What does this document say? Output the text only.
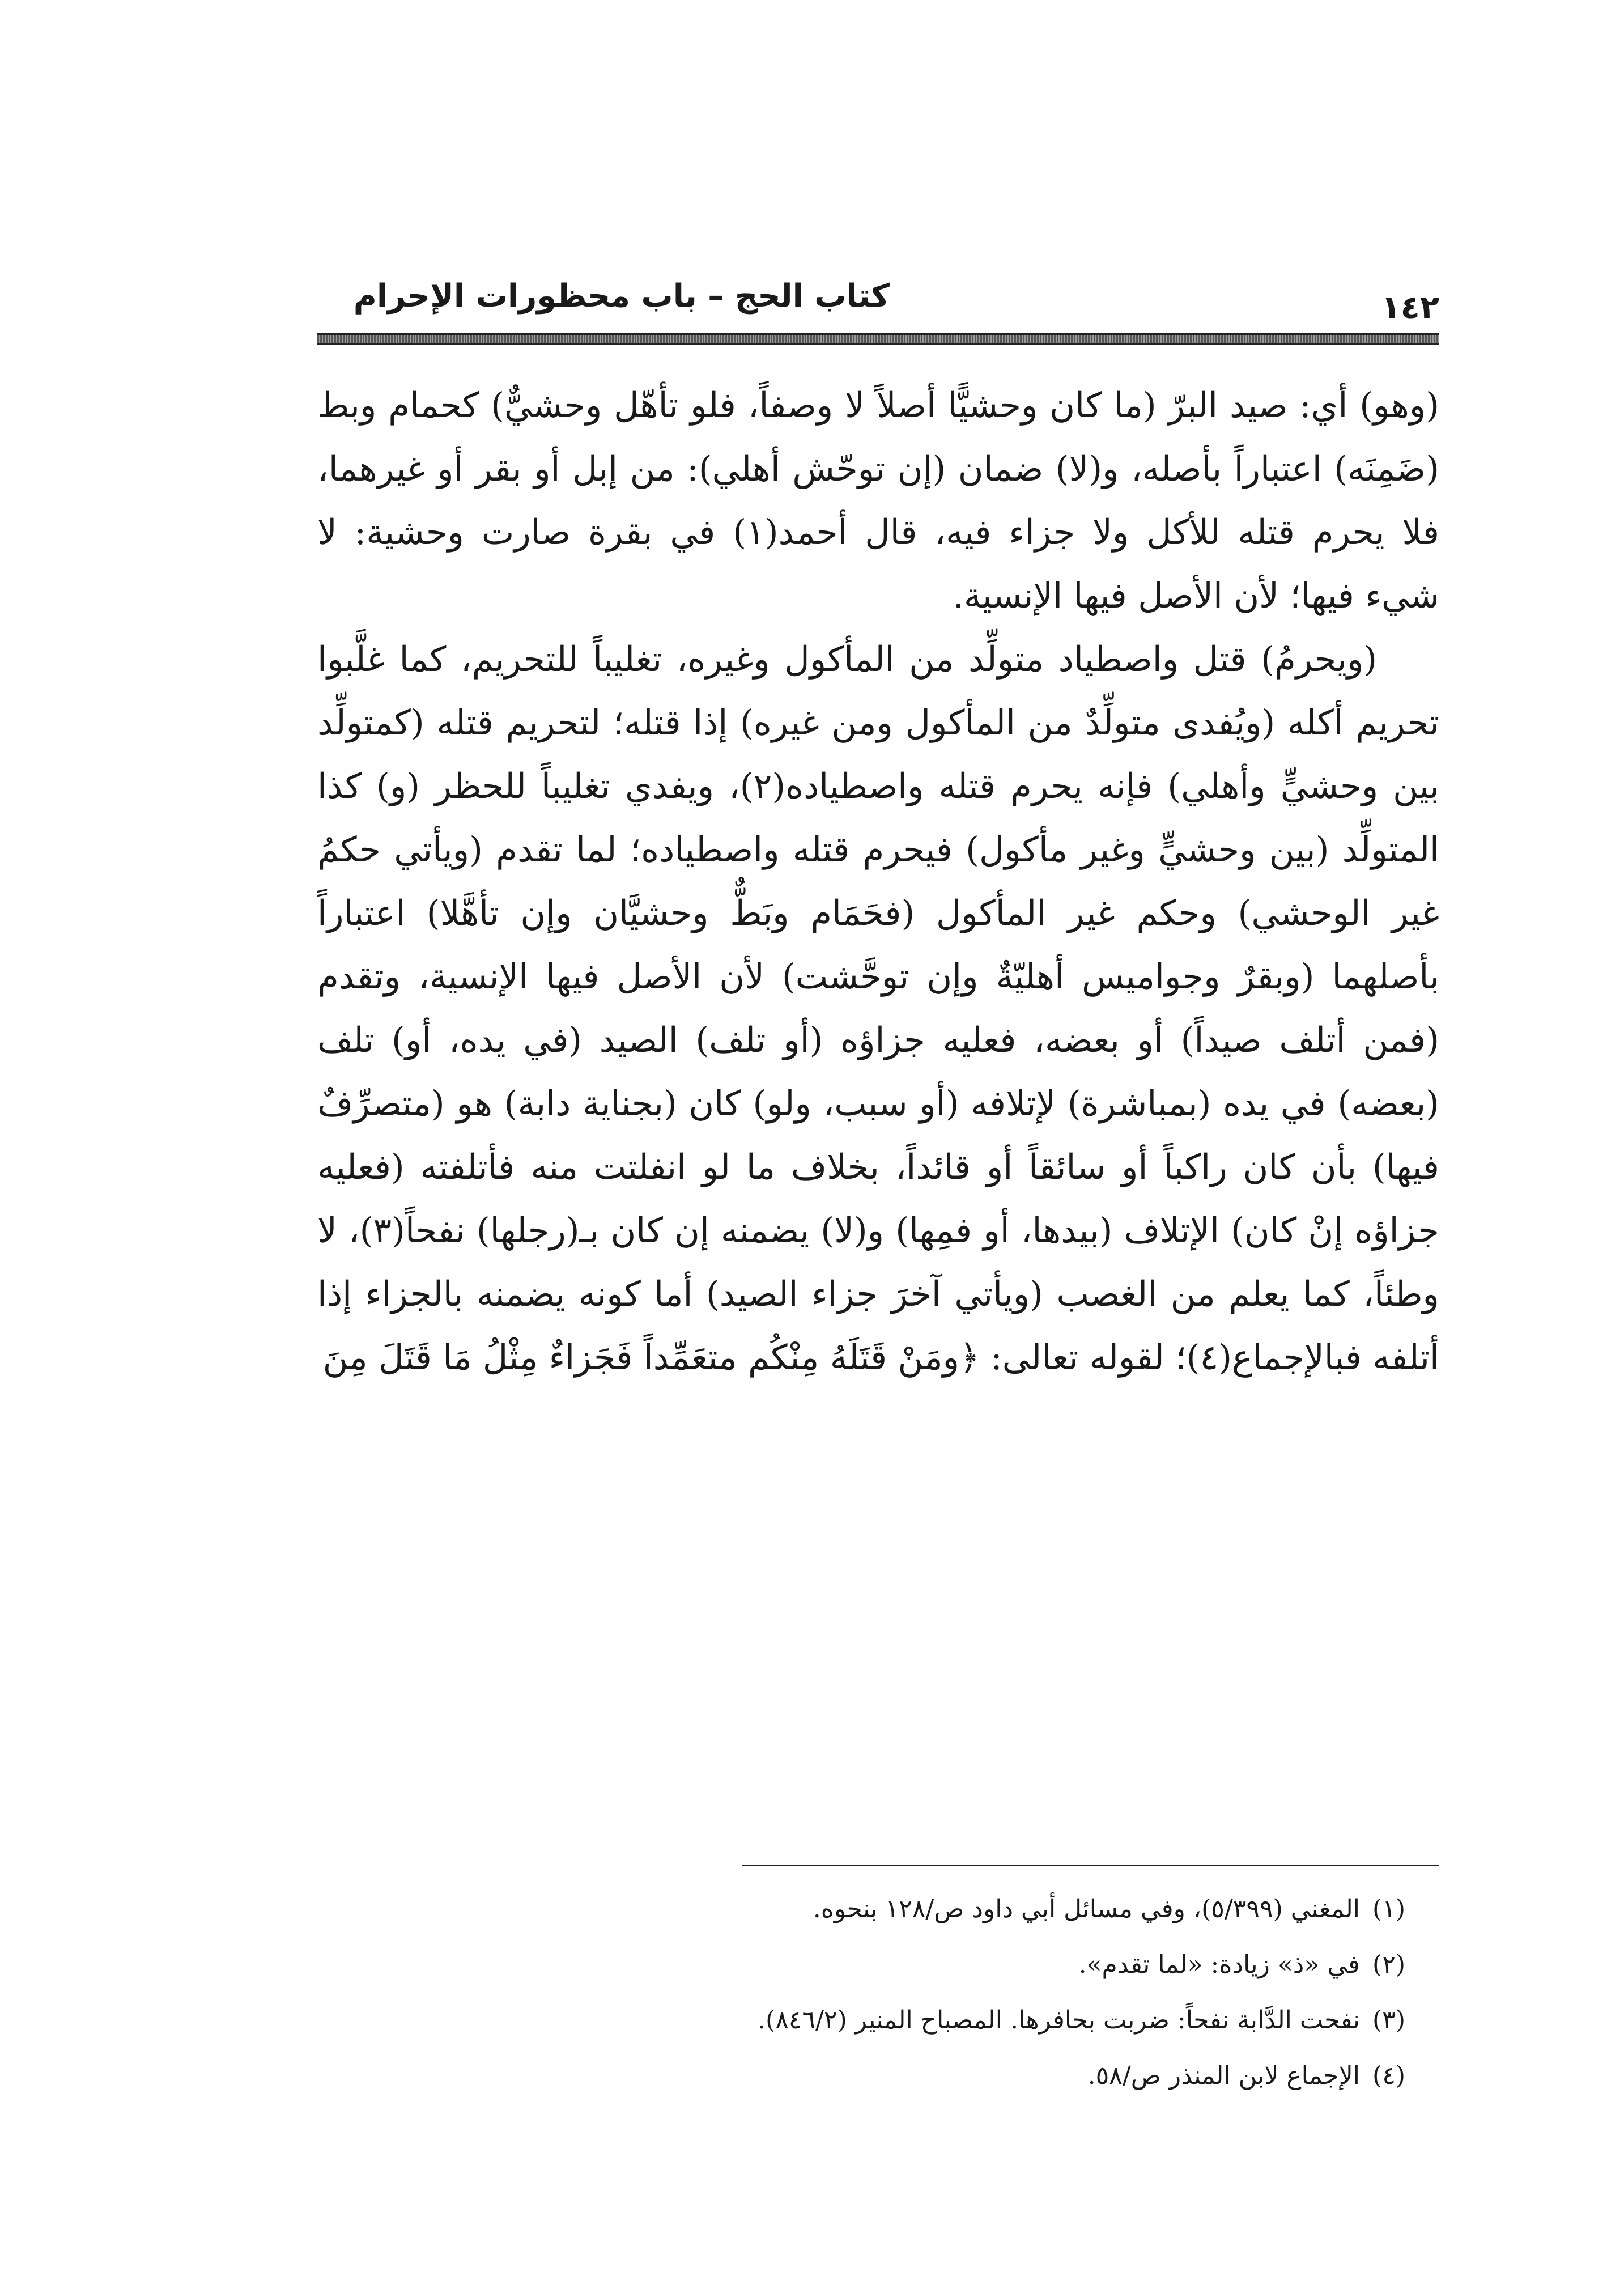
كتاب الحج – باب محظورات الإحرام	١٤٢

(وهو) أي: صيد البرّ (ما كان وحشيًّا أصلاً لا وصفاً، فلو تأهّل وحشيٌّ) كحمام وبط (ضَمِنَه) اعتباراً بأصله، و(لا) ضمان (إن توحّش أهلي): من إبل أو بقر أو غيرهما، فلا يحرم قتله للأكل ولا جزاء فيه، قال أحمد(١) في بقرة صارت وحشية: لا شيء فيها؛ لأن الأصل فيها الإنسية.

(ويحرمُ) قتل واصطياد متولِّد من المأكول وغيره، تغليباً للتحريم، كما غلَّبوا تحريم أكله (ويُفدى متولِّدٌ من المأكول ومن غيره) إذا قتله؛ لتحريم قتله (كمتولِّد بين وحشيٍّ وأهلي) فإنه يحرم قتله واصطياده(٢)، ويفدي تغليباً للحظر (و) كذا المتولِّد (بين وحشيٍّ وغير مأكول) فيحرم قتله واصطياده؛ لما تقدم (ويأتي حكمُ غير الوحشي) وحكم غير المأكول (فحَمَام وبَطٌّ وحشيَّان وإن تأهَّلا) اعتباراً بأصلهما (وبقرٌ وجواميس أهليّةٌ وإن توحَّشت) لأن الأصل فيها الإنسية، وتقدم (فمن أتلف صيداً) أو بعضه، فعليه جزاؤه (أو تلف) الصيد (في يده، أو) تلف (بعضه) في يده (بمباشرة) لإتلافه (أو سبب، ولو) كان (بجناية دابة) هو (متصرِّفٌ فيها) بأن كان راكباً أو سائقاً أو قائداً، بخلاف ما لو انفلتت منه فأتلفته (فعليه جزاؤه إنْ كان) الإتلاف (بيدها، أو فمِها) و(لا) يضمنه إن كان بـ(رجلها) نفحاً(٣)، لا وطئاً، كما يعلم من الغصب (ويأتي آخرَ جزاء الصيد) أما كونه يضمنه بالجزاء إذا أتلفه فبالإجماع(٤)؛ لقوله تعالى: ﴿ومَنْ قَتَلَهُ مِنْكُم متعَمِّداً فَجَزاءٌ مِثْلُ مَا قَتَلَ مِنَ

(١)المغني (٥/٣٩٩)، وفي مسائل أبي داود ص/١٢٨ بنحوه.
(٢)في «ذ» زيادة: «لما تقدم».
(٣)نفحت الدَّابة نفحاً: ضربت بحافرها. المصباح المنير (٨٤٦/٢).
(٤)الإجماع لابن المنذر ص/٥٨.
